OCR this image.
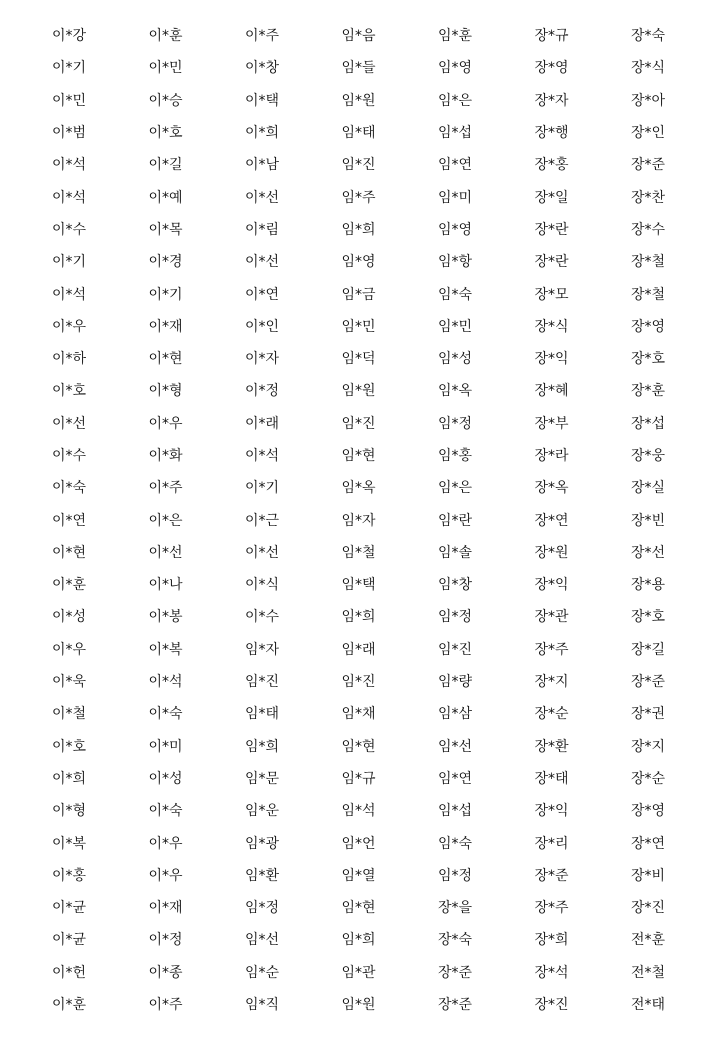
	이*강	이*훈	이*주	임*음	임*훈	장*규	장*숙
	이*기	이*민	이*창	임*들	임*영	장*영	장*식
	이*민	이*승	이*택	임*원	임*은	장*자	장*아
	이*범	이*호	이*희	임*태	임*섭	장*행	장*인
	이*석	이*길	이*남	임*진	임*연	장*홍	장*준
	이*석	이*예	이*선	임*주	임*미	장*일	장*찬
	이*수	이*목	이*림	임*희	임*영	장*란	장*수
	이*기	이*경	이*선	임*영	임*항	장*란	장*철
	이*석	이*기	이*연	임*금	임*숙	장*모	장*철
	이*우	이*재	이*인	임*민	임*민	장*식	장*영
	이*하	이*현	이*자	임*덕	임*성	장*익	장*호
	이*호	이*형	이*정	임*원	임*옥	장*혜	장*훈
	이*선	이*우	이*래	임*진	임*정	장*부	장*섭
	이*수	이*화	이*석	임*현	임*홍	장*라	장*웅
	이*숙	이*주	이*기	임*옥	임*은	장*옥	장*실
	이*연	이*은	이*근	임*자	임*란	장*연	장*빈
	이*현	이*선	이*선	임*철	임*솔	장*원	장*선
	이*훈	이*나	이*식	임*택	임*창	장*익	장*용
	이*성	이*봉	이*수	임*희	임*정	장*관	장*호
	이*우	이*복	임*자	임*래	임*진	장*주	장*길
	이*욱	이*석	임*진	임*진	임*량	장*지	장*준
	이*철	이*숙	임*태	임*채	임*삼	장*순	장*권
	이*호	이*미	임*희	임*현	임*선	장*환	장*지
	이*희	이*성	임*문	임*규	임*연	장*태	장*순
	이*형	이*숙	임*운	임*석	임*섭	장*익	장*영
	이*복	이*우	임*광	임*언	임*숙	장*리	장*연
	이*홍	이*우	임*환	임*열	임*정	장*준	장*비
	이*균	이*재	임*정	임*현	장*을	장*주	장*진
	이*균	이*정	임*선	임*희	장*숙	장*희	전*훈
	이*헌	이*종	임*순	임*관	장*준	장*석	전*철
	이*훈	이*주	임*직	임*원	장*준	장*진	전*태
